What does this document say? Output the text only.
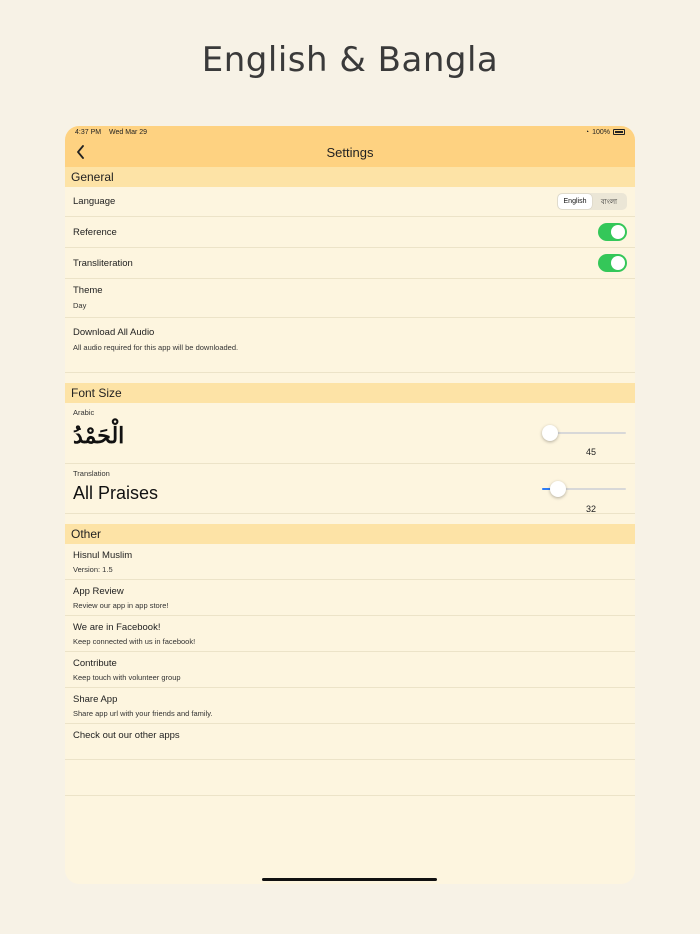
English & Bangla
4:37 PM Wed Mar 29	◔ 100%
Settings
General
Language	English	বাংলা
Reference
Transliteration
Theme
Day
Download All Audio
All audio required for this app will be downloaded.
Font Size
Arabic
الْحَمْدُ
45
Translation
All Praises
32
Other
Hisnul Muslim
Version: 1.5
App Review
Review our app in app store!
We are in Facebook!
Keep connected with us in facebook!
Contribute
Keep touch with volunteer group
Share App
Share app url with your friends and family.
Check out our other apps
